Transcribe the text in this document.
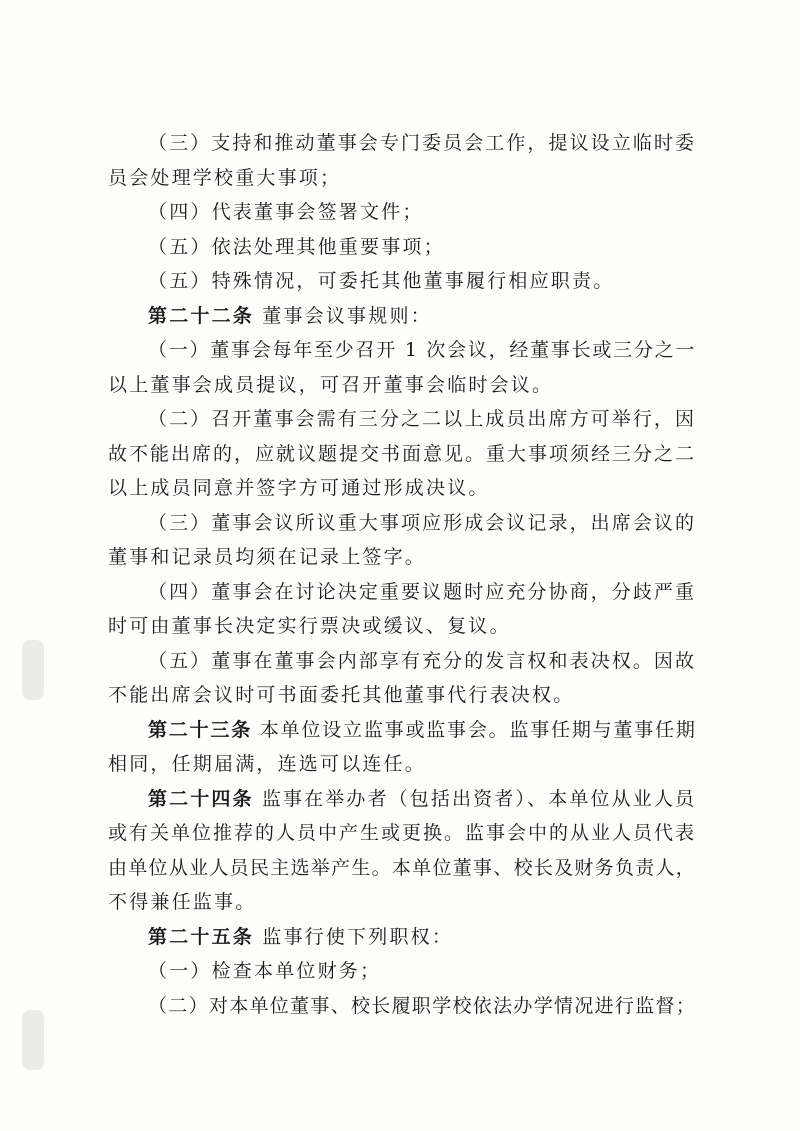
（三）支持和推动董事会专门委员会工作，提议设立临时委
员会处理学校重大事项；
（四）代表董事会签署文件；
（五）依法处理其他重要事项；
（五）特殊情况，可委托其他董事履行相应职责。
第二十二条 董事会议事规则：
（一）董事会每年至少召开 1 次会议，经董事长或三分之一
以上董事会成员提议，可召开董事会临时会议。
（二）召开董事会需有三分之二以上成员出席方可举行，因
故不能出席的，应就议题提交书面意见。重大事项须经三分之二
以上成员同意并签字方可通过形成决议。
（三）董事会议所议重大事项应形成会议记录，出席会议的
董事和记录员均须在记录上签字。
（四）董事会在讨论决定重要议题时应充分协商，分歧严重
时可由董事长决定实行票决或缓议、复议。
（五）董事在董事会内部享有充分的发言权和表决权。因故
不能出席会议时可书面委托其他董事代行表决权。
第二十三条 本单位设立监事或监事会。监事任期与董事任期
相同，任期届满，连选可以连任。
第二十四条 监事在举办者（包括出资者）、本单位从业人员
或有关单位推荐的人员中产生或更换。监事会中的从业人员代表
由单位从业人员民主选举产生。本单位董事、校长及财务负责人，
不得兼任监事。
第二十五条 监事行使下列职权：
（一）检查本单位财务；
（二）对本单位董事、校长履职学校依法办学情况进行监督；
